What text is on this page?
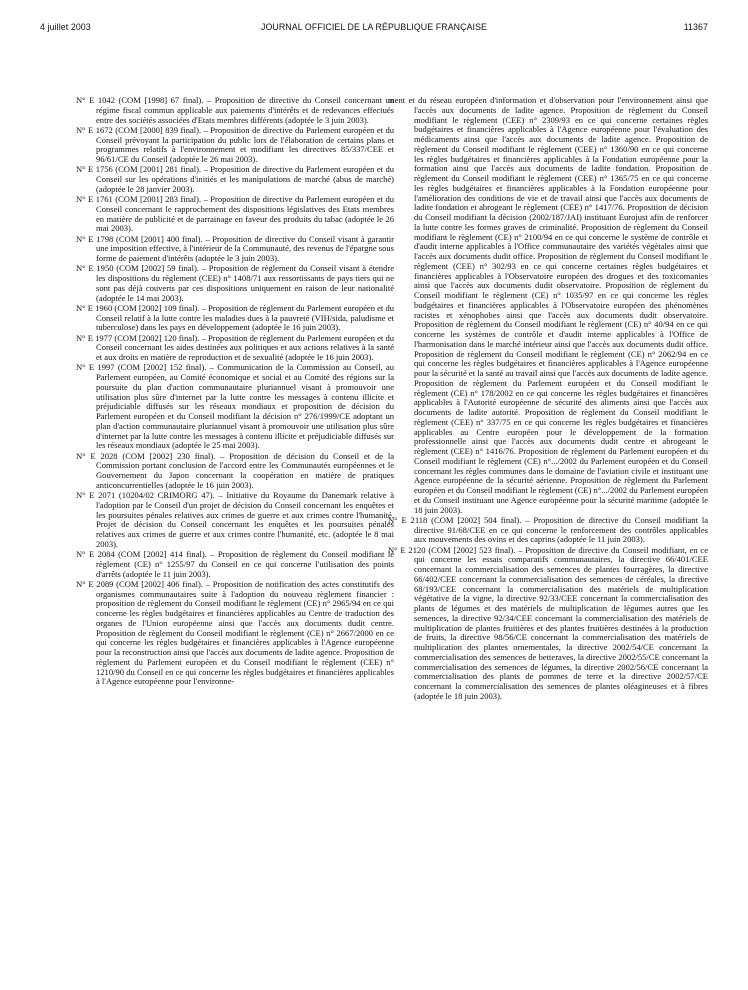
4 juillet 2003	JOURNAL OFFICIEL DE LA RÉPUBLIQUE FRANÇAISE	11367

N° E 1042 (COM [1998] 67 final). – Proposition de directive du Conseil concernant un régime fiscal commun applicable aux paiements d'intérêts et de redevances effectués entre des sociétés associées d'Etats membres différents (adoptée le 3 juin 2003).

N° E 1672 (COM [2000] 839 final). – Proposition de directive du Parlement européen et du Conseil prévoyant la participation du public lors de l'élaboration de certains plans et programmes relatifs à l'environnement et modifiant les directives 85/337/CEE et 96/61/CE du Conseil (adoptée le 26 mai 2003).

N° E 1756 (COM [2001] 281 final). – Proposition de directive du Parlement européen et du Conseil sur les opérations d'initiés et les manipulations de marché (abus de marché) (adoptée le 28 janvier 2003).

N° E 1761 (COM [2001] 283 final). – Proposition de directive du Parlement européen et du Conseil concernant le rapprochement des dispositions législatives des Etats membres en matière de publicité et de parrainage en faveur des produits du tabac (adoptée le 26 mai 2003).

N° E 1798 (COM [2001] 400 final). – Proposition de directive du Conseil visant à garantir une imposition effective, à l'intérieur de la Communauté, des revenus de l'épargne sous forme de paiement d'intérêts (adoptée le 3 juin 2003).

N° E 1950 (COM [2002] 59 final). – Proposition de règlement du Conseil visant à étendre les dispositions du règlement (CEE) n° 1408/71 aux ressortissants de pays tiers qui ne sont pas déjà couverts par ces dispositions uniquement en raison de leur nationalité (adoptée le 14 mai 2003).

N° E 1960 (COM [2002] 109 final). – Proposition de règlement du Parlement européen et du Conseil relatif à la lutte contre les maladies dues à la pauvreté (VIH/sida, paludisme et tuberculose) dans les pays en développement (adoptée le 16 juin 2003).

N° E 1977 (COM [2002] 120 final). – Proposition de règlement du Parlement européen et du Conseil concernant les aides destinées aux politiques et aux actions relatives à la santé et aux droits en matière de reproduction et de sexualité (adoptée le 16 juin 2003).

N° E 1997 (COM [2002] 152 final). – Communication de la Commission au Conseil, au Parlement européen, au Comité économique et social et au Comité des régions sur la poursuite du plan d'action communautaire pluriannuel visant à promouvoir une utilisation plus sûre d'internet par la lutte contre les messages à contenu illicite et préjudiciable diffusés sur les réseaux mondiaux et proposition de décision du Parlement européen et du Conseil modifiant la décision n° 276/1999/CE adoptant un plan d'action communautaire pluriannuel visant à promouvoir une utilisation plus sûre d'internet par la lutte contre les messages à contenu illicite et préjudiciable diffusés sur les réseaux mondiaux (adoptée le 25 mai 2003).

N° E 2028 (COM [2002] 230 final). – Proposition de décision du Conseil et de la Commission portant conclusion de l'accord entre les Communautés européennes et le Gouvernement du Japon concernant la coopération en matière de pratiques anticoncurrentielles (adoptée le 16 juin 2003).

N° E 2071 (10204/02 CRIMORG 47). – Initiative du Royaume du Danemark relative à l'adoption par le Conseil d'un projet de décision du Conseil concernant les enquêtes et les poursuites pénales relatives aux crimes de guerre et aux crimes contre l'humanité. Projet de décision du Conseil concernant les enquêtes et les poursuites pénales relatives aux crimes de guerre et aux crimes contre l'humanité, etc. (adoptée le 8 mai 2003).

N° E 2084 (COM [2002] 414 final). – Proposition de règlement du Conseil modifiant le règlement (CE) n° 1255/97 du Conseil en ce qui concerne l'utilisation des points d'arrêts (adoptée le 11 juin 2003).

N° E 2089 (COM [2002] 406 final). – Proposition de notification des actes constitutifs des organismes communautaires suite à l'adoption du nouveau règlement financier : proposition de règlement du Conseil modifiant le règlement (CE) n° 2965/94 en ce qui concerne les règles budgétaires et financières applicables au Centre de traduction des organes de l'Union européenne ainsi que l'accès aux documents dudit centre. Proposition de règlement du Conseil modifiant le règlement (CE) n° 2667/2000 en ce qui concerne les règles budgétaires et financières applicables à l'Agence européenne pour la reconstruction ainsi que l'accès aux documents de ladite agence. Proposition de règlement du Parlement européen et du Conseil modifiant le règlement (CEE) n° 1210/90 du Conseil en ce qui concerne les règles budgétaires et financières applicables à l'Agence européenne pour l'environne-

ment et du réseau européen d'information et d'observation pour l'environnement ainsi que l'accès aux documents de ladite agence. Proposition de règlement du Conseil modifiant le règlement (CEE) n° 2309/93 en ce qui concerne certaines règles budgétaires et financières applicables à l'Agence européenne pour l'évaluation des médicaments ainsi que l'accès aux documents de ladite agence. Proposition de règlement du Conseil modifiant le règlement (CEE) n° 1360/90 en ce qui concerne les règles budgétaires et financières applicables à la Fondation européenne pour la formation ainsi que l'accès aux documents de ladite fondation. Proposition de règlement du Conseil modifiant le règlement (CEE) n° 1365/75 en ce qui concerne les règles budgétaires et financières applicables à la Fondation européenne pour l'amélioration des conditions de vie et de travail ainsi que l'accès aux documents de ladite fondation et abrogeant le règlement (CEE) n° 1417/76. Proposition de décision du Conseil modifiant la décision (2002/187/JAI) instituant Eurojust afin de renforcer la lutte contre les formes graves de criminalité. Proposition de règlement du Conseil modifiant le règlement (CE) n° 2100/94 en ce qui concerne le système de contrôle et d'audit interne applicables à l'Office communautaire des variétés végétales ainsi que l'accès aux documents dudit office. Proposition de règlement du Conseil modifiant le règlement (CEE) n° 302/93 en ce qui concerne certaines règles budgétaires et financières applicables à l'Observatoire européen des drogues et des toxicomanies ainsi que l'accès aux documents dudit observatoire. Proposition de règlement du Conseil modifiant le règlement (CE) n° 1035/97 en ce qui concerne les règles budgétaires et financières applicables à l'Observatoire européen des phénomènes racistes et xénophobes ainsi que l'accès aux documents dudit observatoire. Proposition de règlement du Conseil modifiant le règlement (CE) n° 40/94 en ce qui concerne les systèmes de contrôle et d'audit interne applicables à l'Office de l'harmonisation dans le marché intérieur ainsi que l'accès aux documents dudit office. Proposition de règlement du Conseil modifiant le règlement (CE) n° 2062/94 en ce qui concerne les règles budgétaires et financières applicables à l'Agence européenne pour la sécurité et la santé au travail ainsi que l'accès aux documents de ladite agence. Proposition de règlement du Parlement européen et du Conseil modifiant le règlement (CE) n° 178/2002 en ce qui concerne les règles budgétaires et financières applicables à l'Autorité européenne de sécurité des aliments ainsi que l'accès aux documents de ladite autorité. Proposition de règlement du Conseil modifiant le règlement (CEE) n° 337/75 en ce qui concerne les règles budgétaires et financières applicables au Centre européen pour le développement de la formation professionnelle ainsi que l'accès aux documents dudit centre et abrogeant le règlement (CEE) n° 1416/76. Proposition de règlement du Parlement européen et du Conseil modifiant le règlement (CE) n°.../2002 du Parlement européen et du Conseil concernant les règles communes dans le domaine de l'aviation civile et instituant une Agence européenne de la sécurité aérienne. Proposition de règlement du Parlement européen et du Conseil modifiant le règlement (CE) n°.../2002 du Parlement européen et du Conseil instituant une Agence européenne pour la sécurité maritime (adoptée le 18 juin 2003).

N° E 2118 (COM [2002] 504 final). – Proposition de directive du Conseil modifiant la directive 91/68/CEE en ce qui concerne le renforcement des contrôles applicables aux mouvements des ovins et des caprins (adoptée le 11 juin 2003).

N° E 2120 (COM [2002] 523 final). – Proposition de directive du Conseil modifiant, en ce qui concerne les essais comparatifs communautaires, la directive 66/401/CEE concernant la commercialisation des semences de plantes fourragères, la directive 66/402/CEE concernant la commercialisation des semences de céréales, la directive 68/193/CEE concernant la commercialisation des matériels de multiplication végétative de la vigne, la directive 92/33/CEE concernant la commercialisation des plants de légumes et des matériels de multiplication de légumes autres que les semences, la directive 92/34/CEE concernant la commercialisation des matériels de multiplication de plantes fruitières et des plantes fruitières destinées à la production de fruits, la directive 98/56/CE concernant la commercialisation des matériels de multiplication des plantes ornementales, la directive 2002/54/CE concernant la commercialisation des semences de betteraves, la directive 2002/55/CE concernant la commercialisation des semences de légumes, la directive 2002/56/CE concernant la commercialisation des plants de pommes de terre et la directive 2002/57/CE concernant la commercialisation des semences de plantes oléagineuses et à fibres (adoptée le 18 juin 2003).
